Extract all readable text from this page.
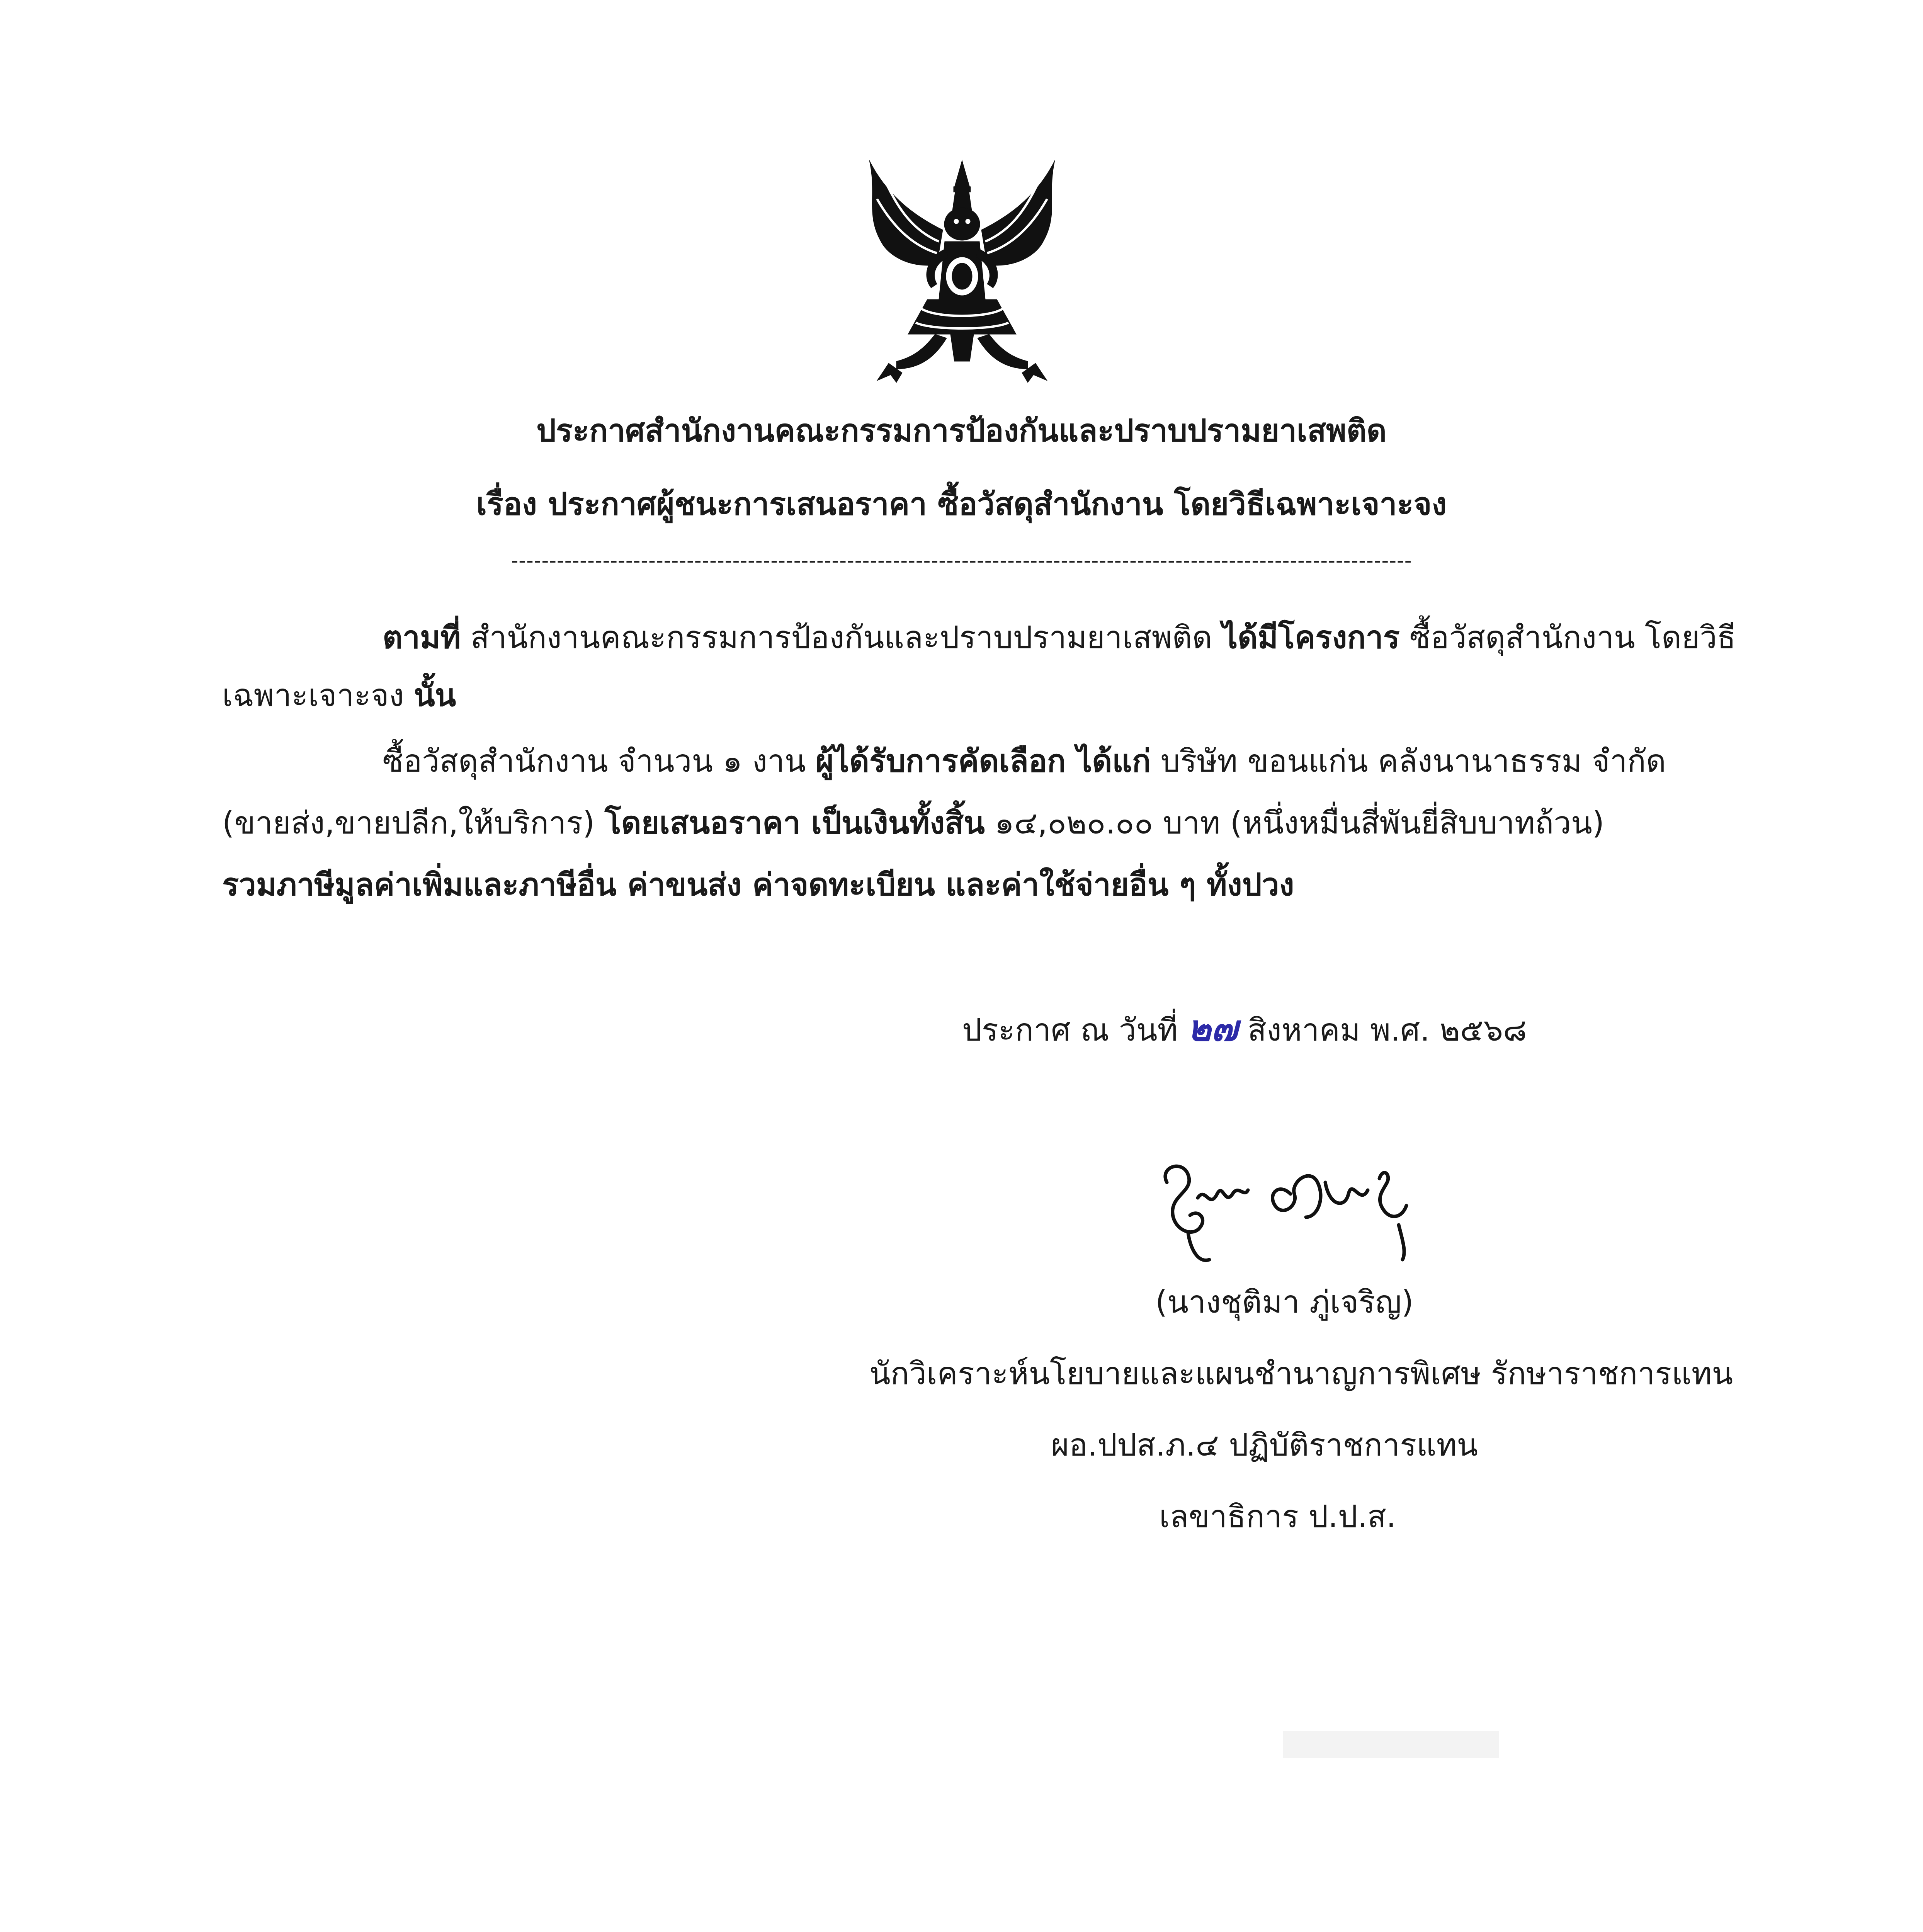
ประกาศสำนักงานคณะกรรมการป้องกันและปราบปรามยาเสพติด
เรื่อง ประกาศผู้ชนะการเสนอราคา ซื้อวัสดุสำนักงาน โดยวิธีเฉพาะเจาะจง
----------------------------------------------------------------------------------------------------------------------
ตามที่ สำนักงานคณะกรรมการป้องกันและปราบปรามยาเสพติด ได้มีโครงการ ซื้อวัสดุสำนักงาน โดยวิธี
เฉพาะเจาะจง นั้น
ซื้อวัสดุสำนักงาน จำนวน ๑ งาน ผู้ได้รับการคัดเลือก ได้แก่ บริษัท ขอนแก่น คลังนานาธรรม จำกัด
(ขายส่ง,ขายปลีก,ให้บริการ) โดยเสนอราคา เป็นเงินทั้งสิ้น ๑๔,๐๒๐.๐๐ บาท (หนึ่งหมื่นสี่พันยี่สิบบาทถ้วน)
รวมภาษีมูลค่าเพิ่มและภาษีอื่น ค่าขนส่ง ค่าจดทะเบียน และค่าใช้จ่ายอื่น ๆ ทั้งปวง
ประกาศ ณ วันที่ ๒๗ สิงหาคม พ.ศ. ๒๕๖๘
(นางชุติมา ภู่เจริญ)
นักวิเคราะห์นโยบายและแผนชำนาญการพิเศษ รักษาราชการแทน
ผอ.ปปส.ภ.๔ ปฏิบัติราชการแทน
เลขาธิการ ป.ป.ส.
